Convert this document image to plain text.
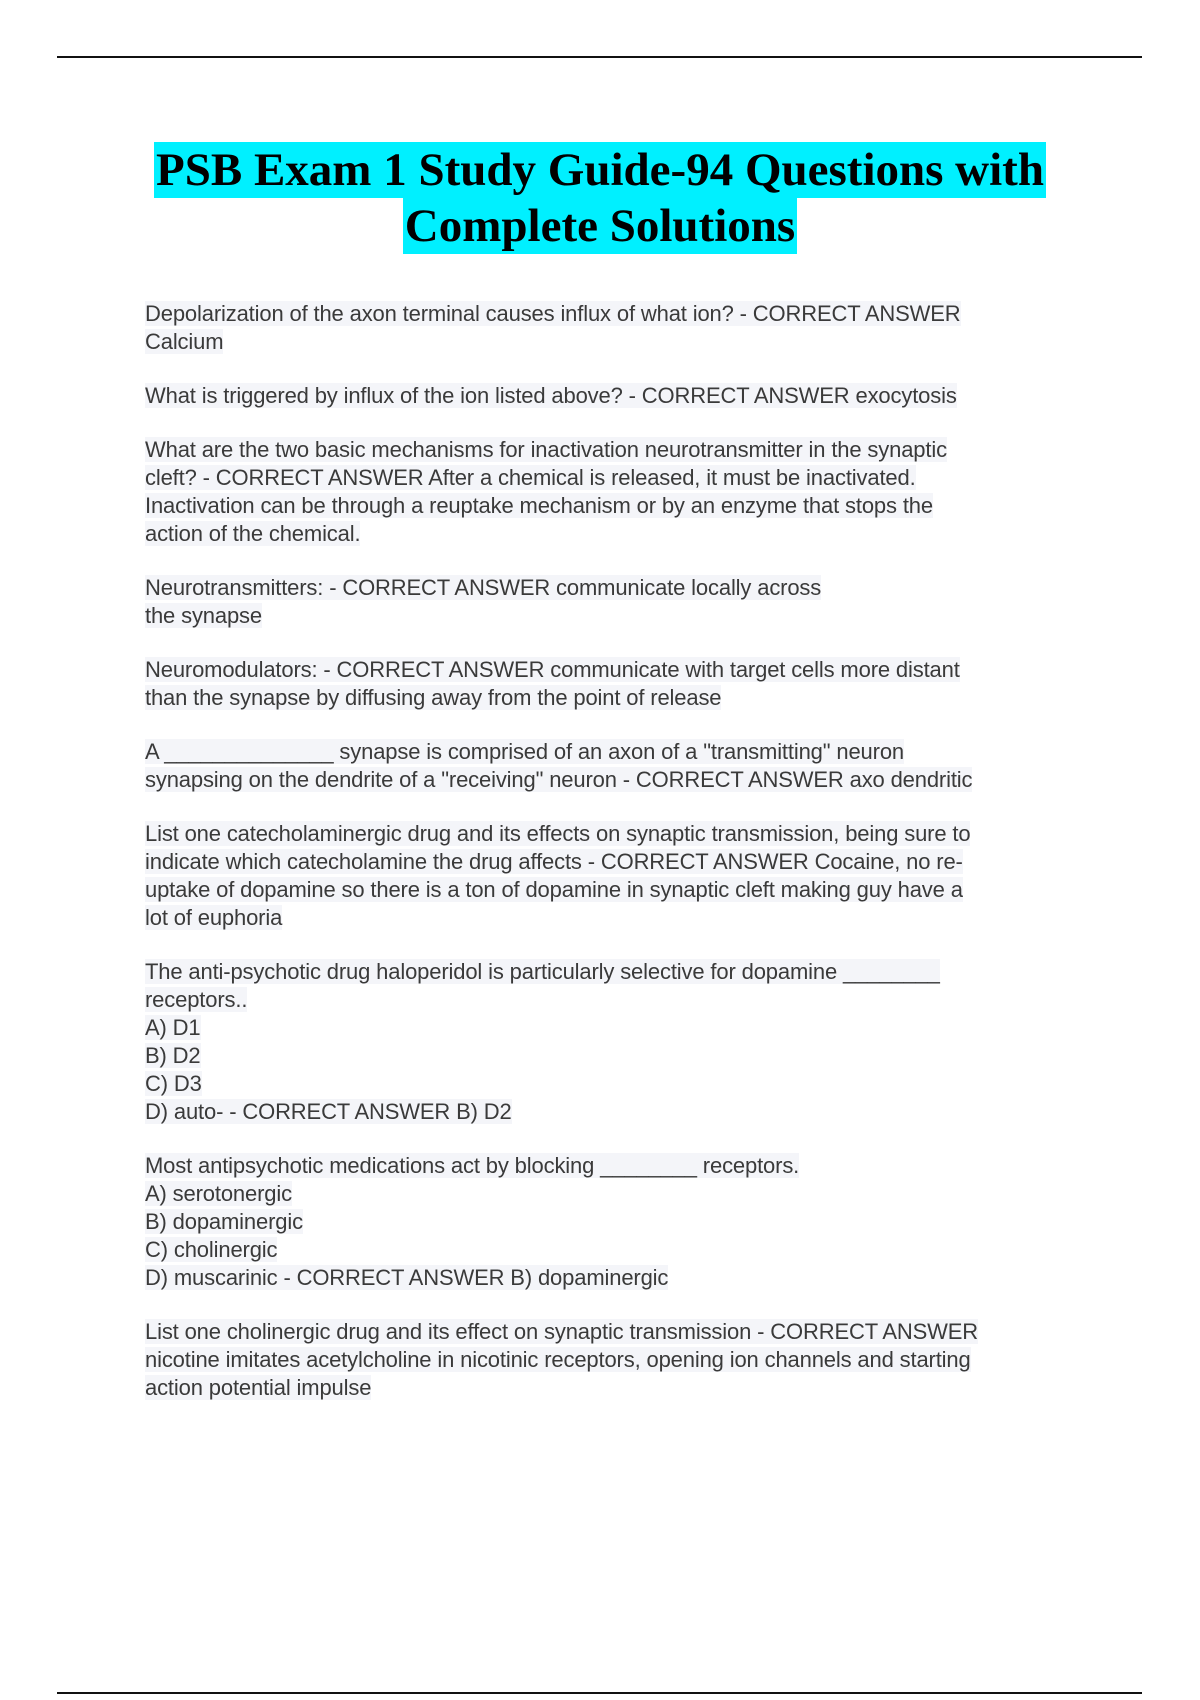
PSB Exam 1 Study Guide-94 Questions with
Complete Solutions
Depolarization of the axon terminal causes influx of what ion? - CORRECT ANSWER
Calcium
What is triggered by influx of the ion listed above? - CORRECT ANSWER exocytosis
What are the two basic mechanisms for inactivation neurotransmitter in the synaptic
cleft? - CORRECT ANSWER After a chemical is released, it must be inactivated.
Inactivation can be through a reuptake mechanism or by an enzyme that stops the
action of the chemical.
Neurotransmitters: - CORRECT ANSWER communicate locally across
the synapse
Neuromodulators: - CORRECT ANSWER communicate with target cells more distant
than the synapse by diffusing away from the point of release
A ______________ synapse is comprised of an axon of a "transmitting" neuron
synapsing on the dendrite of a "receiving" neuron - CORRECT ANSWER axo dendritic
List one catecholaminergic drug and its effects on synaptic transmission, being sure to
indicate which catecholamine the drug affects - CORRECT ANSWER Cocaine, no re-
uptake of dopamine so there is a ton of dopamine in synaptic cleft making guy have a
lot of euphoria
The anti-psychotic drug haloperidol is particularly selective for dopamine ________
receptors..
A) D1
B) D2
C) D3
D) auto- - CORRECT ANSWER B) D2
Most antipsychotic medications act by blocking ________ receptors.
A) serotonergic
B) dopaminergic
C) cholinergic
D) muscarinic - CORRECT ANSWER B) dopaminergic
List one cholinergic drug and its effect on synaptic transmission - CORRECT ANSWER
nicotine imitates acetylcholine in nicotinic receptors, opening ion channels and starting
action potential impulse
